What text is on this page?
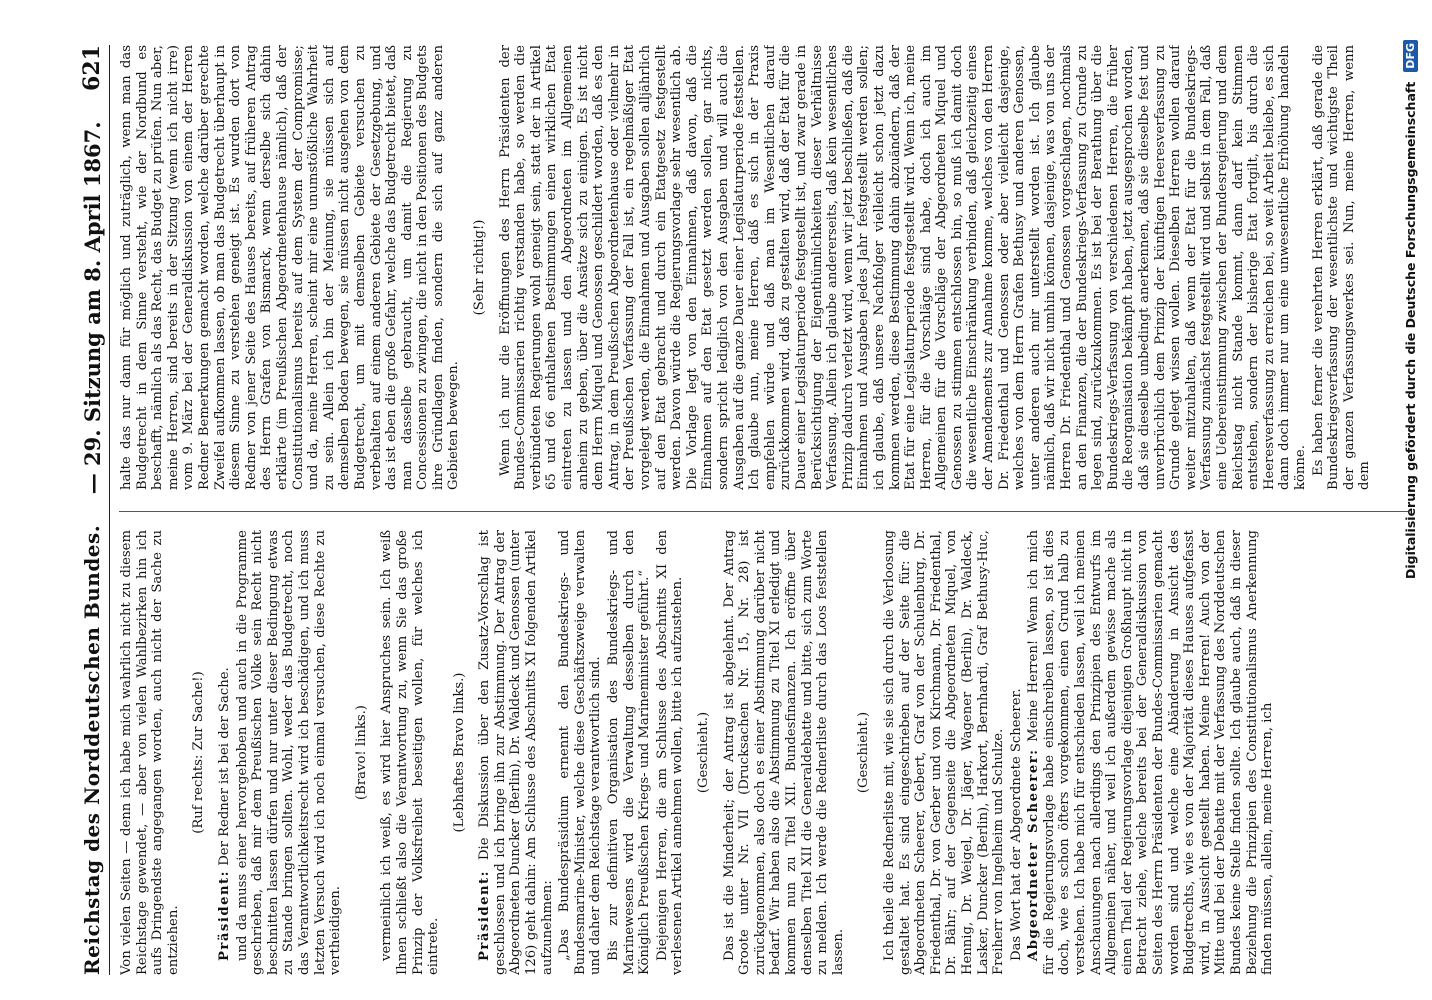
Reichstag des Norddeutschen Bundes.
— 29. Sitzung am 8. April 1867.
621

Von vielen Seiten — denn ich habe mich wahrlich nicht zu diesem Reichstage gewendet, — aber von vielen Wahlbezirken hin ich aufs Dringendste angegangen worden, auch nicht der Sache zu entziehen.

(Ruf rechts: Zur Sache!)

Präsident: Der Redner ist bei der Sache. und da muss einer hervorgehoben und auch in die Programme geschrieben, daß mir dem Preußischen Volke sein Recht nicht beschnitten lassen dürfen und nur unter dieser Bedingung etwas zu Stande bringen sollten. Wohl, weder das Budgetrecht, noch das Verantwortlichkeitsrecht wird ich beschädigen, und ich muss letzten Versuch wird ich noch einmal versuchen, diese Rechte zu vertheidigen.

(Bravo! links.) vermeinlich ich weiß, es wird hier Anspruches sein. Ich weiß Ihnen schließt also die Verantwortung zu, wenn Sie das große Prinzip der Volksfreiheit beseitigen wollen, für welches ich eintrete.

(Lebhaftes Bravo links.)

Präsident: Die Diskussion über den Zusatz-Vorschlag ist geschlossen und ich bringe ihn zur Abstimmung. Der Antrag der Abgeordneten Duncker (Berlin), Dr. Waldeck und Genossen (unter 126) geht dahin: Am Schlusse des Abschnitts XI folgenden Artikel aufzunehmen: „Das Bundespräsidium ernennt den Bundeskriegs- und Bundesmarine-Minister, welche diese Geschäftszweige verwalten und daher dem Reichstage verantwortlich sind. Bis zur definitiven Organisation des Bundeskriegs- und Marinewesens wird die Verwaltung desselben durch den Königlich Preußischen Kriegs- und Marineminister geführt.“ Diejenigen Herren, die am Schlusse des Abschnitts XI den verlesenen Artikel annehmen wollen, bitte ich aufzustehen. (Geschieht.) Das ist die Minderheit; der Antrag ist abgelehnt. Der Antrag Groote unter Nr. VII (Drucksachen Nr. 15, Nr. 28) ist zurückgenommen, also doch es einer Abstimmung darüber nicht bedarf. Wir haben also die Abstimmung zu Titel XI erledigt und kommen nun zu Titel XII. Bundesfinanzen. Ich eröffne über denselben Titel XII die Generaldebatte und bitte, sich zum Worte zu melden. Ich werde die Rednerliste durch das Loos feststellen lassen.

(Geschieht.) Ich theile die Rednerliste mit, wie sie sich durch die Verloosung gestaltet hat. Es sind eingeschrieben auf der Seite für: die Abgeordneten Scheerer, Gebert, Graf von der Schulenburg, Dr. Friedenthal, Dr. von Gerber und von Kirchmann, Dr. Friedenthal, Dr. Bähr; auf der Gegenseite die Abgeordneten Miquel, von Hennig, Dr. Weigel, Dr. Jäger, Wagener (Berlin), Dr. Waldeck, Lasker, Duncker (Berlin), Harkort, Bernhardi, Graf Bethusy-Huc, Freiherr von Ingelheim und Schulze. Das Wort hat der Abgeordnete Scheerer. Abgeordneter Scheerer: Meine Herren! Wenn ich mich für die Regierungsvorlage habe einschreiben lassen, so ist dies doch, wie es schon öfters vorgekommen, einen Grund halb zu verstehen. Ich habe mich für entschieden lassen, weil ich meinen Anschauungen nach allerdings den Prinzipien des Entwurfs im Allgemeinen näher, und weil ich außerdem gewisse mache als einen Theil der Regierungsvorlage diejenigen Großhaupt nicht in Betracht ziehe, welche bereits bei der Generaldiskussion von Seiten des Herrn Präsidenten der Bundes-Commissarien gemacht worden sind und welche eine Abänderung in Ansicht des Budgetrechts, wie es von der Majorität dieses Hauses aufgefasst wird, in Aussicht gestellt haben. Meine Herren! Auch von der Mitte und bei der Debatte mit der Verfassung des Norddeutschen Bundes keine Stelle finden sollte. Ich glaube auch, daß in dieser Beziehung die Prinzipien des Constitutionalismus Anerkennung finden müssen, allein, meine Herren, ich

halte das nur dann für möglich und zuträglich, wenn man das Budgetrecht in dem Sinne versteht, wie der Nordbund es beschafft, nämlich als das Recht, das Budget zu prüfen. Nun aber, meine Herren, sind bereits in der Sitzung (wenn ich nicht irre) vom 9. März bei der Generaldiskussion von einem der Herren Redner Bemerkungen gemacht worden, welche darüber gerechte Zweifel aufkommen lassen, ob man das Budgetrecht überhaupt in diesem Sinne zu verstehen geneigt ist. Es wurden dort von Redner von jener Seite des Hauses bereits, auf früheren Antrag des Herrn Grafen von Bismarck, wenn derselbe sich dahin erklärte (im Preußischen Abgeordnetenhause nämlich), daß der Constitutionalismus bereits auf dem System der Compromisse; und da, meine Herren, scheint mir eine unumstößliche Wahrheit zu sein. Allein ich bin der Meinung, sie müssen sich auf demselben Boden bewegen, sie müssen nicht ausgehen von dem Budgetrecht, um mit demselben Gebiete versuchen zu verbehalten auf einem anderen Gebiete der Gesetzgebung, und das ist eben die große Gefahr, welche das Budgetrecht bietet, daß man dasselbe gebraucht, um damit die Regierung zu Concessionen zu zwingen, die nicht in den Positionen des Budgets ihre Gründlagen finden, sondern die sich auf ganz anderen Gebieten bewegen.

(Sehr richtig!) Wenn ich nur die Eröffnungen des Herrn Präsidenten der Bundes-Commissarien richtig verstanden habe, so werden die verbündeten Regierungen wohl geneigt sein, statt der in Artikel 65 und 66 enthaltenen Bestimmungen einen wirklichen Etat eintreten zu lassen und den Abgeordneten im Allgemeinen anheim zu geben, über die Ansätze sich zu einigen. Es ist nicht dem Herrn Miquel und Genossen geschildert worden, daß es den Antrag, in dem Preußischen Abgeordnetenhause oder vielmehr in der Preußischen Verfassung der Fall ist, ein regelmäßiger Etat vorgelegt werden, die Einnahmen und Ausgaben sollen alljährlich auf den Etat gebracht und durch ein Etatgesetz festgestellt werden. Davon würde die Regierungsvorlage sehr wesentlich ab. Die Vorlage legt von den Einnahmen, daß davon, daß die Einnahmen auf den Etat gesetzt werden sollen, gar nichts, sondern spricht lediglich von den Ausgaben und will auch die Ausgaben auf die ganze Dauer einer Legislaturperiode feststellen. Ich glaube nun, meine Herren, daß es sich in der Praxis empfehlen würde und daß man im Wesentlichen darauf zurückkommen wird, daß zu gestalten wird, daß der Etat für die Dauer einer Legislaturperiode festgestellt ist, und zwar gerade in Berücksichtigung der Eigenthümlichkeiten dieser Verhältnisse Verfassung. Allein ich glaube andererseits, daß kein wesentliches Prinzip dadurch verletzt wird, wenn wir jetzt beschließen, daß die Einnahmen und Ausgaben jedes Jahr festgestellt werden sollen; ich glaube, daß unsere Nachfolger vielleicht schon jetzt dazu kommen werden, diese Bestimmung dahin abzuändern, daß der Etat für eine Legislaturperiode festgestellt wird. Wenn ich, meine Herren, für die Vorschläge sind habe, doch ich auch im Allgemeinen für die Vorschläge der Abgeordneten Miquel und Genossen zu stimmen entschlossen bin, so muß ich damit doch die wesentliche Einschränkung verbinden, daß gleichzeitig eines der Amendements zur Annahme komme, welches von den Herren Dr. Friedenthal und Genossen oder aber vielleicht dasjenige, welches von dem Herrn Grafen Bethusy und anderen Genossen, unter anderen auch mir unterstellt worden ist. Ich glaube nämlich, daß wir nicht umhin können, dasjenige, was von uns der Herren Dr. Friedenthal und Genossen vorgeschlagen, nochmals an den Finanzen, die der Bundeskriegs-Verfassung zu Grunde zu legen sind, zurückzukommen. Es ist bei der Berathung über die Bundeskriegs-Verfassung von verschiedenen Herren, die früher die Reorganisation bekämpft haben, jetzt ausgesprochen worden, daß sie dieselbe unbedingt anerkennen, daß sie dieselbe fest und unverbrüchlich dem Prinzip der künftigen Heeresverfassung zu Grunde gelegt wissen wollen. Dieselben Herren wollen darauf weiter mitzuhalten, daß wenn der Etat für die Bundeskriegs-Verfassung zunächst festgestellt wird und selbst in dem Fall, daß eine Uebereinstimmung zwischen der Bundesregierung und dem Reichstag nicht Stande kommt, dann darf kein Stimmen entstehen, sondern der bisherige Etat fortgilt, bis durch die Heeresverfassung zu erreichen bei, so weit Arbeit beliebe, es sich dann doch immer nur um eine unwesentliche Erhöhung handeln könne. Es haben ferner die verehrten Herren erklärt, daß gerade die Bundeskriegsverfassung der wesentlichste und wichtigste Theil der ganzen Verfassungswerkes sei. Nun, meine Herren, wenn dem Digitalisierung gefördert durch die Deutsche Forschungsgemeinschaft
DFG
